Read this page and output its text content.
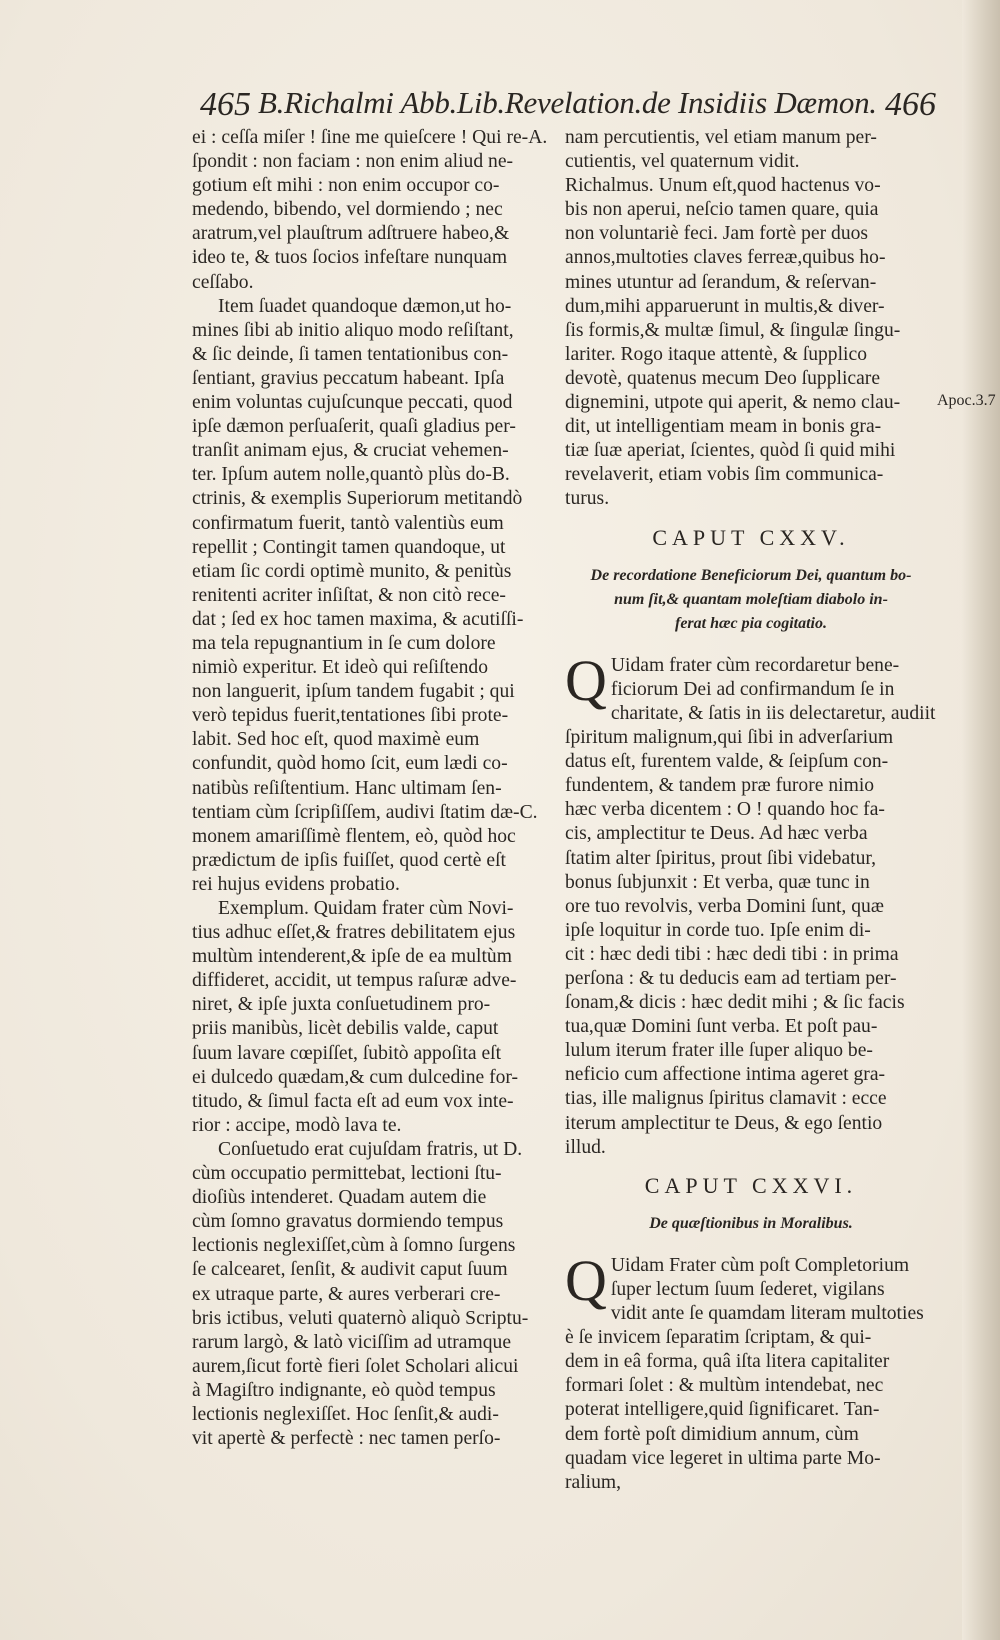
465 B.Richalmi Abb.Lib.Revelation.de Insidiis Dæmon. 466
ei : ceſſa miſer ! ſine me quieſcere ! Qui re-A.
ſpondit : non faciam : non enim aliud ne-
gotium eſt mihi : non enim occupor co-
medendo, bibendo, vel dormiendo ; nec
aratrum,vel plauſtrum adſtruere habeo,&
ideo te, & tuos ſocios infeſtare nunquam
ceſſabo.
Item ſuadet quandoque dæmon,ut ho-
mines ſibi ab initio aliquo modo reſiſtant,
& ſic deinde, ſi tamen tentationibus con-
ſentiant, gravius peccatum habeant. Ipſa
enim voluntas cujuſcunque peccati, quod
ipſe dæmon perſuaſerit, quaſi gladius per-
tranſit animam ejus, & cruciat vehemen-
ter. Ipſum autem nolle,quantò plùs do-B.
ctrinis, & exemplis Superiorum metitandò
confirmatum fuerit, tantò valentiùs eum
repellit ; Contingit tamen quandoque, ut
etiam ſic cordi optimè munito, & penitùs
renitenti acriter inſiſtat, & non citò rece-
dat ; ſed ex hoc tamen maxima, & acutiſſi-
ma tela repugnantium in ſe cum dolore
nimiò experitur. Et ideò qui reſiſtendo
non languerit, ipſum tandem fugabit ; qui
verò tepidus fuerit,tentationes ſibi prote-
labit. Sed hoc eſt, quod maximè eum
confundit, quòd homo ſcit, eum lædi co-
natibùs reſiſtentium. Hanc ultimam ſen-
tentiam cùm ſcripſiſſem, audivi ſtatim dæ-C.
monem amariſſimè flentem, eò, quòd hoc
prædictum de ipſis fuiſſet, quod certè eſt
rei hujus evidens probatio.
Exemplum. Quidam frater cùm Novi-
tius adhuc eſſet,& fratres debilitatem ejus
multùm intenderent,& ipſe de ea multùm
diffideret, accidit, ut tempus raſuræ adve-
niret, & ipſe juxta conſuetudinem pro-
priis manibùs, licèt debilis valde, caput
ſuum lavare cœpiſſet, ſubitò appoſita eſt
ei dulcedo quædam,& cum dulcedine for-
titudo, & ſimul facta eſt ad eum vox inte-
rior : accipe, modò lava te.
Conſuetudo erat cujuſdam fratris, ut D.
cùm occupatio permittebat, lectioni ſtu-
dioſiùs intenderet. Quadam autem die
cùm ſomno gravatus dormiendo tempus
lectionis neglexiſſet,cùm à ſomno ſurgens
ſe calcearet, ſenſit, & audivit caput ſuum
ex utraque parte, & aures verberari cre-
bris ictibus, veluti quaternò aliquò Scriptu-
rarum largò, & latò viciſſim ad utramque
aurem,ſicut fortè fieri ſolet Scholari alicui
à Magiſtro indignante, eò quòd tempus
lectionis neglexiſſet. Hoc ſenſit,& audi-
vit apertè & perfectè : nec tamen perſo-
nam percutientis, vel etiam manum per-
cutientis, vel quaternum vidit.
Richalmus. Unum eſt,quod hactenus vo-
bis non aperui, neſcio tamen quare, quia
non voluntariè feci. Jam fortè per duos
annos,multoties claves ferreæ,quibus ho-
mines utuntur ad ſerandum, & reſervan-
dum,mihi apparuerunt in multis,& diver-
ſis formis,& multæ ſimul, & ſingulæ ſingu-
lariter. Rogo itaque attentè, & ſupplico
devotè, quatenus mecum Deo ſupplicare
dignemini, utpote qui aperit, & nemo clau-
dit, ut intelligentiam meam in bonis gra-
tiæ ſuæ aperiat, ſcientes, quòd ſi quid mihi
revelaverit, etiam vobis ſim communica-
turus.
CAPUT CXXV.
De recordatione Beneficiorum Dei, quantum bo-
num ſit,& quantam moleſtiam diabolo in-
ferat hæc pia cogitatio.
Q Uidam frater cùm recordaretur bene-
ficiorum Dei ad confirmandum ſe in
charitate, & ſatis in iis delectaretur, audiit
ſpiritum malignum,qui ſibi in adverſarium
datus eſt, furentem valde, & ſeipſum con-
fundentem, & tandem præ furore nimio
hæc verba dicentem : O ! quando hoc fa-
cis, amplectitur te Deus. Ad hæc verba
ſtatim alter ſpiritus, prout ſibi videbatur,
bonus ſubjunxit : Et verba, quæ tunc in
ore tuo revolvis, verba Domini ſunt, quæ
ipſe loquitur in corde tuo. Ipſe enim di-
cit : hæc dedi tibi : hæc dedi tibi : in prima
perſona : & tu deducis eam ad tertiam per-
ſonam,& dicis : hæc dedit mihi ; & ſic facis
tua,quæ Domini ſunt verba. Et poſt pau-
lulum iterum frater ille ſuper aliquo be-
neficio cum affectione intima ageret gra-
tias, ille malignus ſpiritus clamavit : ecce
iterum amplectitur te Deus, & ego ſentio
illud.
CAPUT CXXVI.
De quæſtionibus in Moralibus.
Q Uidam Frater cùm poſt Completorium
ſuper lectum ſuum ſederet, vigilans
vidit ante ſe quamdam literam multoties
è ſe invicem ſeparatim ſcriptam, & qui-
dem in eâ forma, quâ iſta litera capitaliter
formari ſolet : & multùm intendebat, nec
poterat intelligere,quid ſignificaret. Tan-
dem fortè poſt dimidium annum, cùm
quadam vice legeret in ultima parte Mo-
ralium,
Apoc.3.7
